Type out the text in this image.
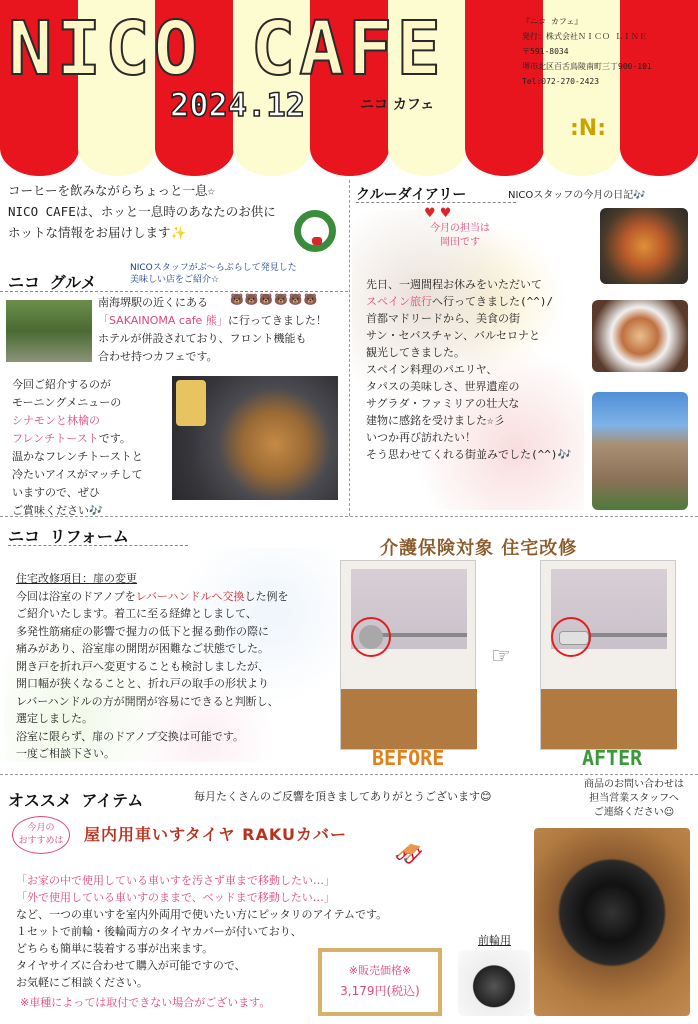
NICO CAFE
2024.12	ニコ カフェ
:N:
『ニコ カフェ』
発行：株式会社ＮＩＣＯ ＬＩＮＥ
〒591-8034
堺市北区百舌鳥陵南町三丁900-101
Tel:072-270-2423
コーヒーを飲みながらちょっと一息☆
NICO CAFEは、ホッと一息時のあなたのお供に
ホットな情報をお届けします✨
ニコ グルメ
NICOスタッフがぶ～らぶらして発見した
美味しい店をご紹介☆
南海堺駅の近くにある
「SAKAINOMA cafe 熊」に行ってきました！
ホテルが併設されており、フロント機能も
合わせ持つカフェです。
🐻🐻🐻🐻🐻🐻
今回ご紹介するのが
モーニングメニューの
シナモンと林檎の
フレンチトーストです。
温かなフレンチトーストと
冷たいアイスがマッチして
いますので、ぜひ
ご賞味ください🎶
クルーダイアリー	NICOスタッフの今月の日記🎶
♥ ♥
今月の担当は
岡田です
先日、一週間程お休みをいただいて
スペイン旅行へ行ってきました(^^)/
首都マドリードから、美食の街
サン・セバスチャン、バルセロナと
観光してきました。
スペイン料理のパエリヤ、
タパスの美味しさ、世界遺産の
サグラダ・ファミリアの壮大な
建物に感銘を受けました☆彡
いつか再び訪れたい！
そう思わせてくれる街並みでした(^^)🎶
ニコ リフォーム
介護保険対象 住宅改修
住宅改修項目：扉の変更
今回は浴室のドアノブをレバーハンドルへ交換した例を
ご紹介いたします。着工に至る経緯としまして、
多発性筋痛症の影響で握力の低下と握る動作の際に
痛みがあり、浴室扉の開閉が困難なご状態でした。
開き戸を折れ戸へ変更することも検討しましたが、
開口幅が狭くなることと、折れ戸の取手の形状より
レバーハンドルの方が開閉が容易にできると判断し、
選定しました。
浴室に限らず、扉のドアノブ交換は可能です。
一度ご相談下さい。
☞
BEFORE	AFTER
オススメ アイテム	毎月たくさんのご反響を頂きましてありがとうございます😊
商品のお問い合わせは
担当営業スタッフへ
ご連絡ください☺
今月の
おすすめは	屋内用車いすタイヤ RAKUカバー
🛷
「お家の中で使用している車いすを汚さず車まで移動したい…」
「外で使用している車いすのままで、ベッドまで移動したい…」
など、一つの車いすを室内外両用で使いたい方にピッタリのアイテムです。
１セットで前輪・後輪両方のタイヤカバーが付いており、
どちらも簡単に装着する事が出来ます。
タイヤサイズに合わせて購入が可能ですので、
お気軽にご相談ください。
※車種によっては取付できない場合がございます。
※販売価格※
3,179円(税込)
前輪用
